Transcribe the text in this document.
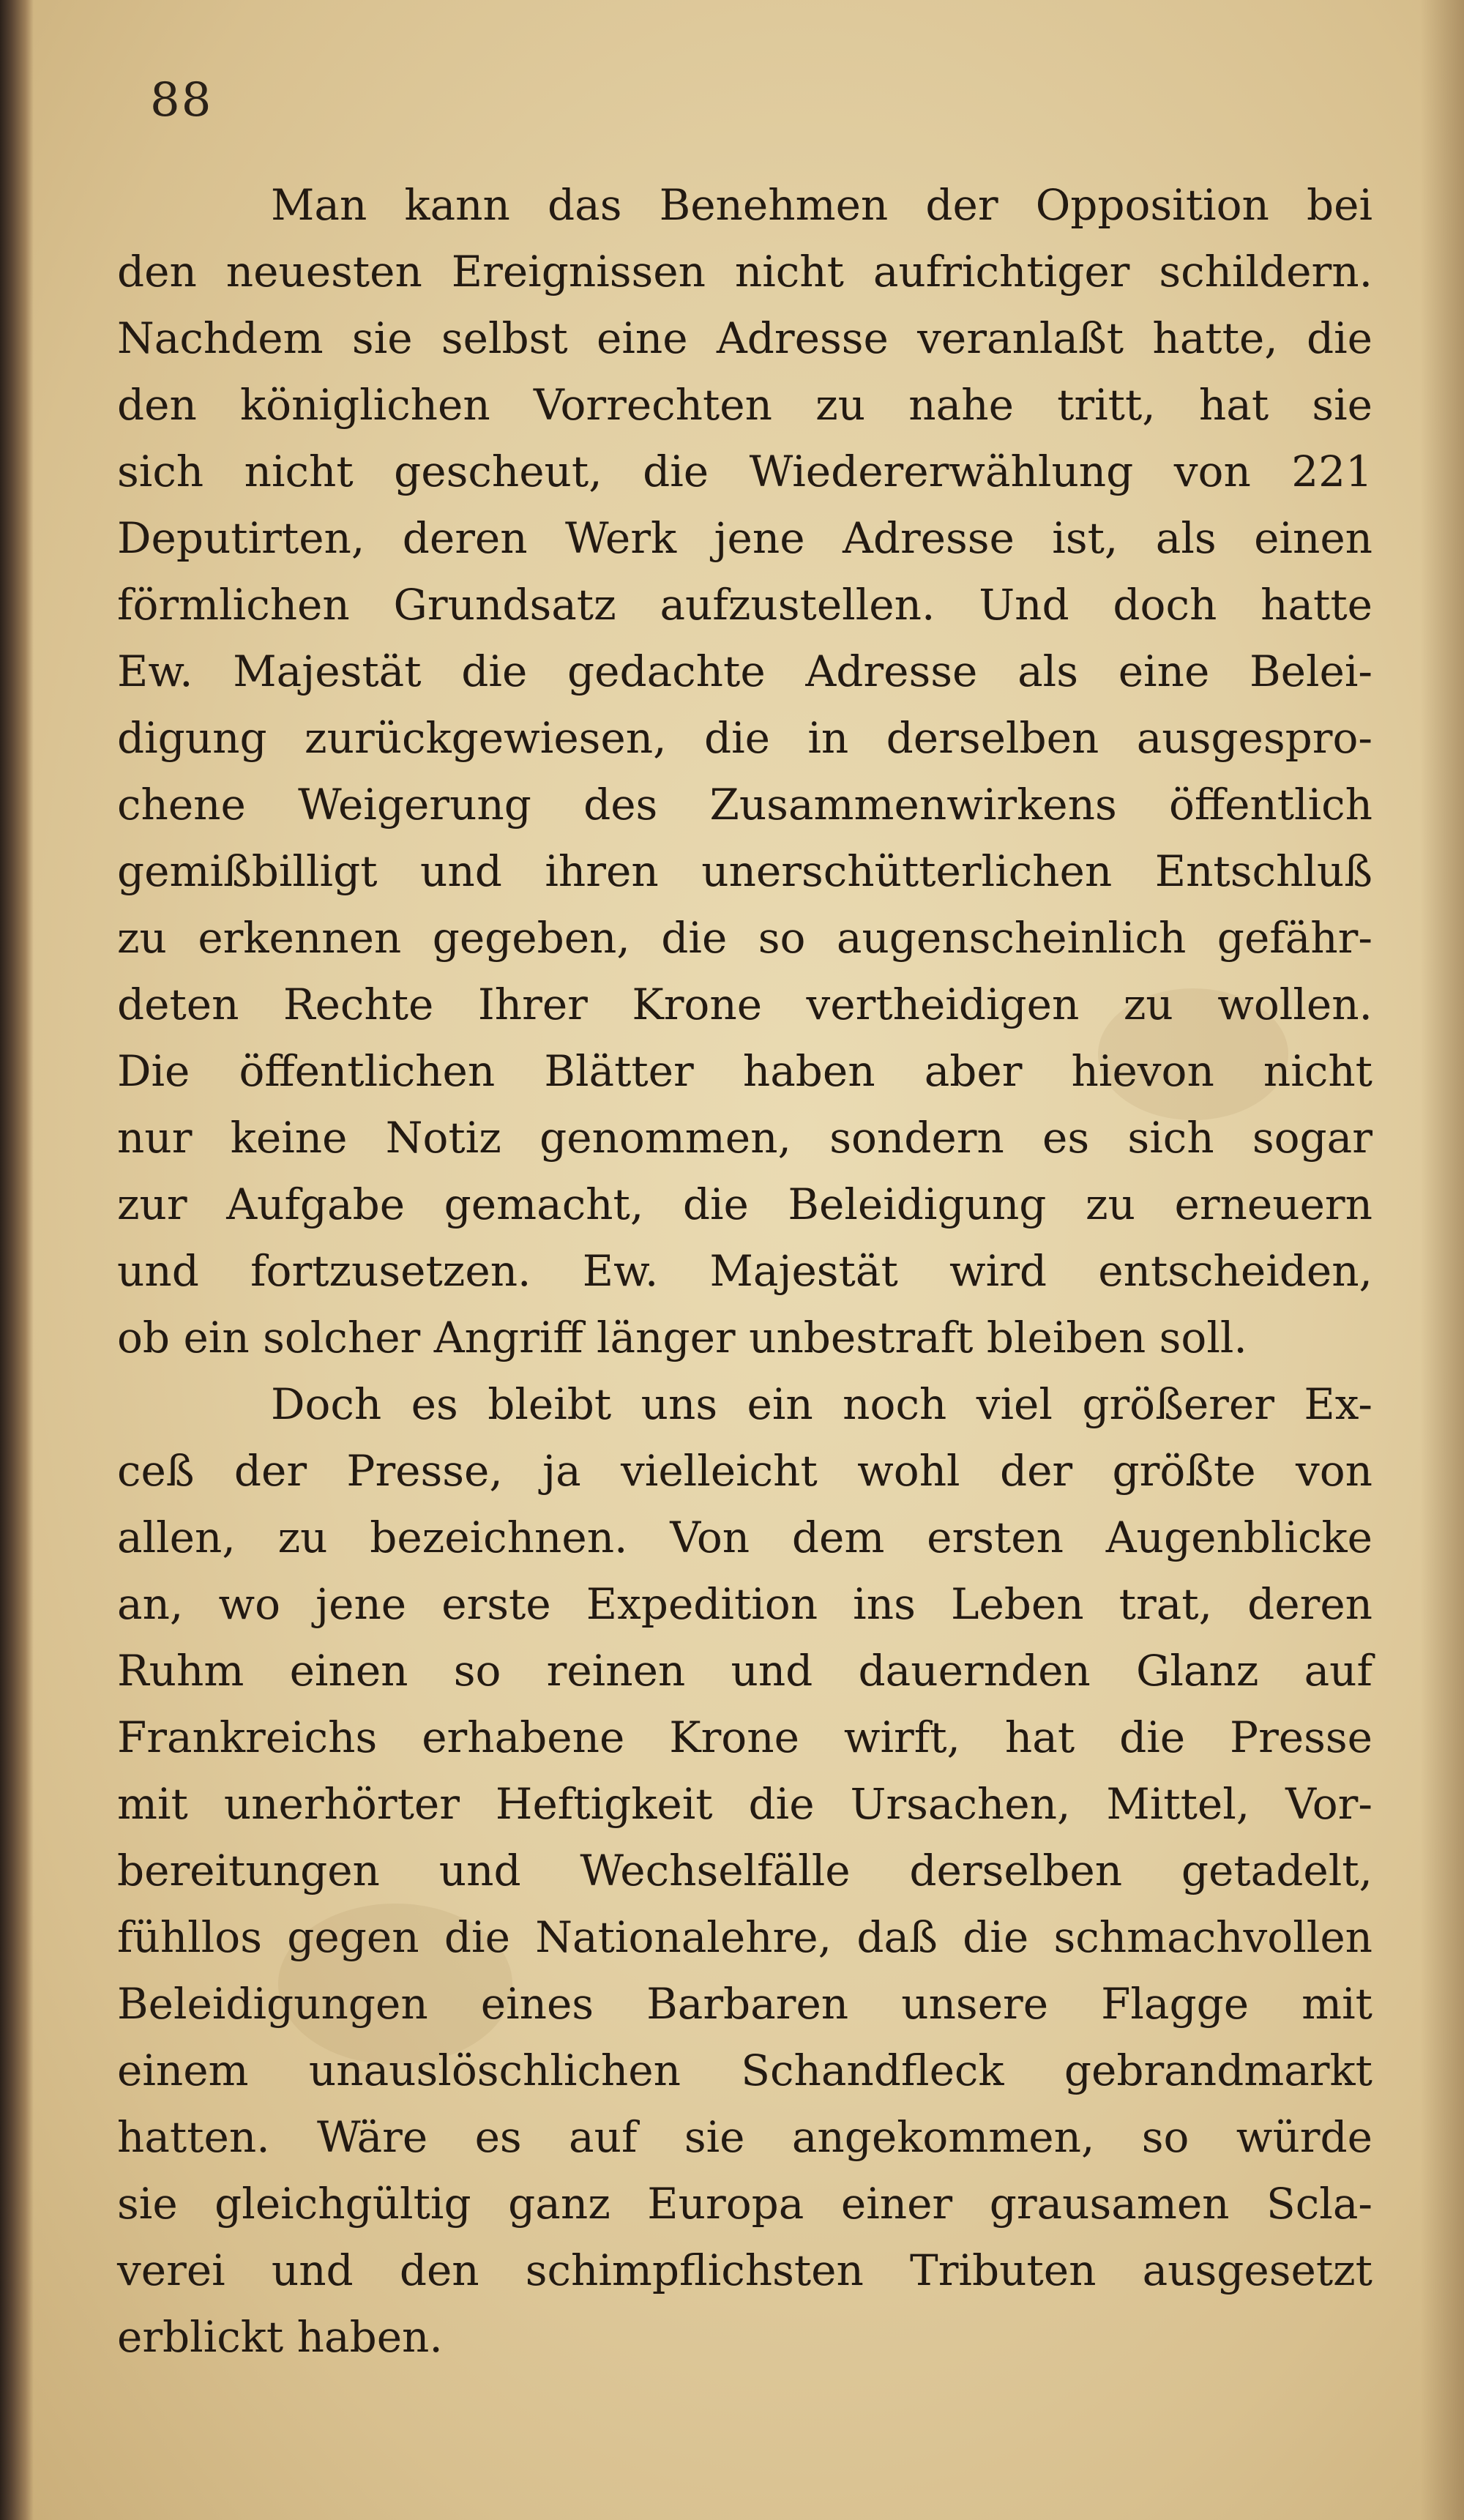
88
Man kann das Benehmen der Opposition bei
den neuesten Ereignissen nicht aufrichtiger schildern.
Nachdem sie selbst eine Adresse veranlaßt hatte, die
den königlichen Vorrechten zu nahe tritt, hat sie
sich nicht gescheut, die Wiedererwählung von 221
Deputirten, deren Werk jene Adresse ist, als einen
förmlichen Grundsatz aufzustellen. Und doch hatte
Ew. Majestät die gedachte Adresse als eine Belei-
digung zurückgewiesen, die in derselben ausgespro-
chene Weigerung des Zusammenwirkens öffentlich
gemißbilligt und ihren unerschütterlichen Entschluß
zu erkennen gegeben, die so augenscheinlich gefähr-
deten Rechte Ihrer Krone vertheidigen zu wollen.
Die öffentlichen Blätter haben aber hievon nicht
nur keine Notiz genommen, sondern es sich sogar
zur Aufgabe gemacht, die Beleidigung zu erneuern
und fortzusetzen. Ew. Majestät wird entscheiden,
ob ein solcher Angriff länger unbestraft bleiben soll.
Doch es bleibt uns ein noch viel größerer Ex-
ceß der Presse, ja vielleicht wohl der größte von
allen, zu bezeichnen. Von dem ersten Augenblicke
an, wo jene erste Expedition ins Leben trat, deren
Ruhm einen so reinen und dauernden Glanz auf
Frankreichs erhabene Krone wirft, hat die Presse
mit unerhörter Heftigkeit die Ursachen, Mittel, Vor-
bereitungen und Wechselfälle derselben getadelt,
fühllos gegen die Nationalehre, daß die schmachvollen
Beleidigungen eines Barbaren unsere Flagge mit
einem unauslöschlichen Schandfleck gebrandmarkt
hatten. Wäre es auf sie angekommen, so würde
sie gleichgültig ganz Europa einer grausamen Scla-
verei und den schimpflichsten Tributen ausgesetzt
erblickt haben.
